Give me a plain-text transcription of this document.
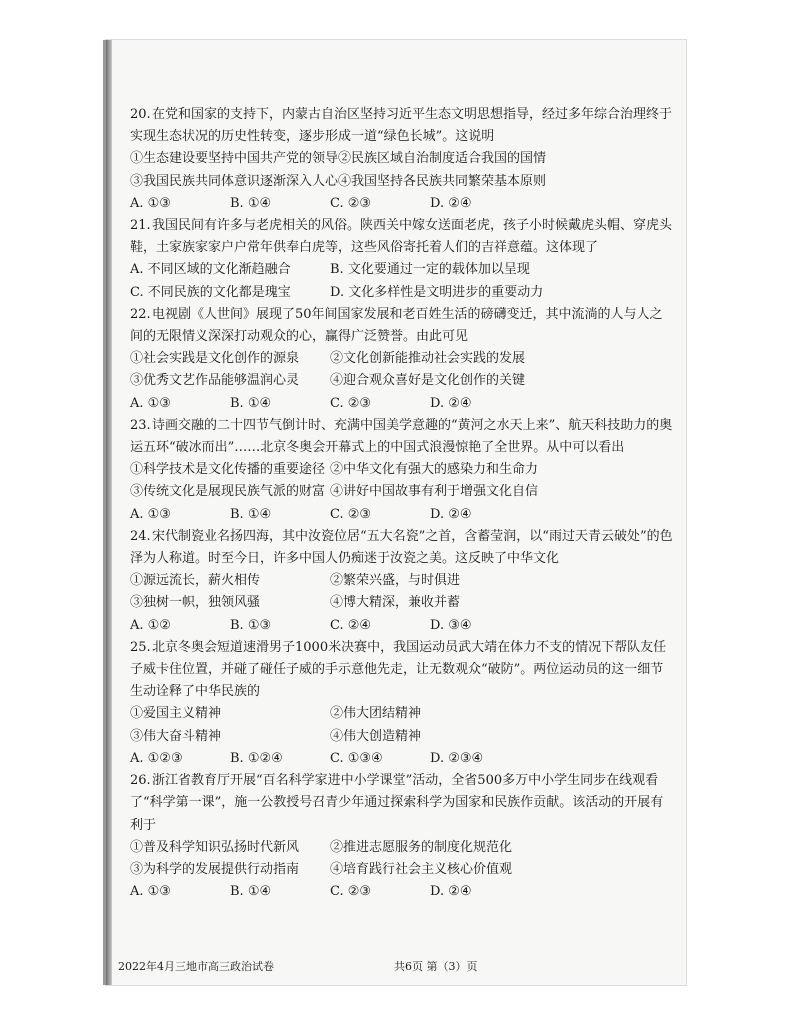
20.在党和国家的支持下，内蒙古自治区坚持习近平生态文明思想指导，经过多年综合治理终于实现生态状况的历史性转变，逐步形成一道“绿色长城”。这说明
①生态建设要坚持中国共产党的领导②民族区域自治制度适合我国的国情
③我国民族共同体意识逐渐深入人心④我国坚持各民族共同繁荣基本原则
A. ①③	B. ①④	C. ②③	D. ②④
21.我国民间有许多与老虎相关的风俗。陕西关中嫁女送面老虎，孩子小时候戴虎头帽、穿虎头鞋，土家族家家户户常年供奉白虎等，这些风俗寄托着人们的吉祥意蕴。这体现了
A. 不同区域的文化渐趋融合	B. 文化要通过一定的载体加以呈现
C. 不同民族的文化都是瑰宝	D. 文化多样性是文明进步的重要动力
22.电视剧《人世间》展现了50年间国家发展和老百姓生活的磅礴变迁，其中流淌的人与人之间的无限情义深深打动观众的心，赢得广泛赞誉。由此可见
①社会实践是文化创作的源泉	②文化创新能推动社会实践的发展
③优秀文艺作品能够温润心灵	④迎合观众喜好是文化创作的关键
A. ①③	B. ①④	C. ②③	D. ②④
23.诗画交融的二十四节气倒计时、充满中国美学意趣的“黄河之水天上来”、航天科技助力的奥运五环“破冰而出”……北京冬奥会开幕式上的中国式浪漫惊艳了全世界。从中可以看出
①科学技术是文化传播的重要途径 ②中华文化有强大的感染力和生命力
③传统文化是展现民族气派的财富 ④讲好中国故事有利于增强文化自信
A. ①③	B. ①④	C. ②③	D. ②④
24.宋代制瓷业名扬四海，其中汝瓷位居“五大名瓷”之首，含蓄莹润，以“雨过天青云破处”的色泽为人称道。时至今日，许多中国人仍痴迷于汝瓷之美。这反映了中华文化
①源远流长，薪火相传	②繁荣兴盛，与时俱进
③独树一帜，独领风骚	④博大精深，兼收并蓄
A. ①②	B. ①③	C. ②④	D. ③④
25.北京冬奥会短道速滑男子1000米决赛中，我国运动员武大靖在体力不支的情况下帮队友任子威卡住位置，并碰了碰任子威的手示意他先走，让无数观众“破防”。两位运动员的这一细节生动诠释了中华民族的
①爱国主义精神	②伟大团结精神
③伟大奋斗精神	④伟大创造精神
A. ①②③	B. ①②④	C. ①③④	D. ②③④
26.浙江省教育厅开展“百名科学家进中小学课堂”活动，全省500多万中小学生同步在线观看了“科学第一课”，施一公教授号召青少年通过探索科学为国家和民族作贡献。该活动的开展有利于
①普及科学知识弘扬时代新风	②推进志愿服务的制度化规范化
③为科学的发展提供行动指南	④培育践行社会主义核心价值观
A. ①③	B. ①④	C. ②③	D. ②④
2022年4月三地市高三政治试卷	共6页 第（3）页
